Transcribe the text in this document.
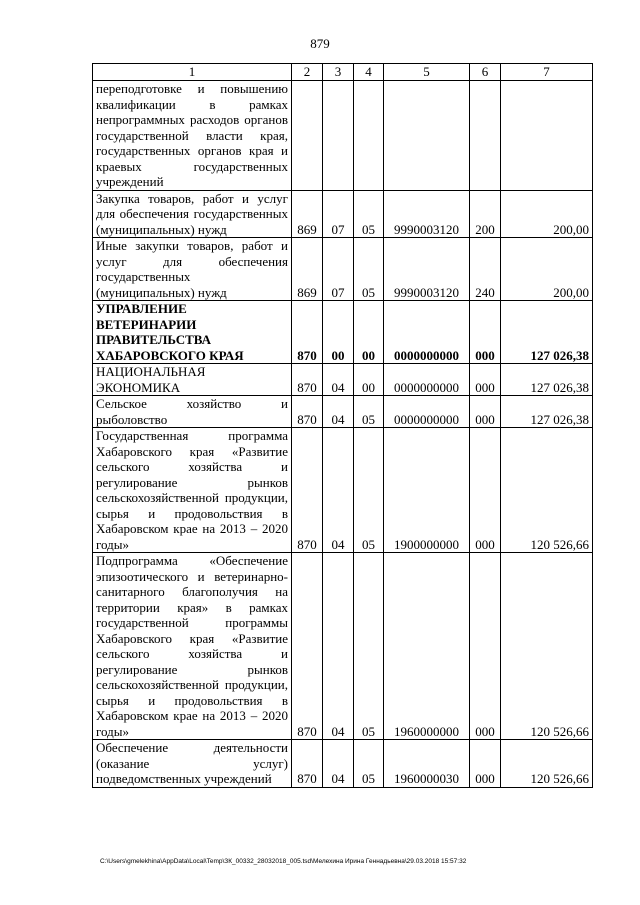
879
1	2	3	4	5	6	7
переподготовке и повышению квалификации в рамках непрограммных расходов органов государственной власти края, государственных органов края и краевых государственных учреждений						
Закупка товаров, работ и услуг для обеспечения государственных (муниципальных) нужд	869	07	05	9990003120	200	200,00
Иные закупки товаров, работ и услуг для обеспечения государственных (муниципальных) нужд	869	07	05	9990003120	240	200,00
УПРАВЛЕНИЕ ВЕТЕРИНАРИИ ПРАВИТЕЛЬСТВА ХАБАРОВСКОГО КРАЯ	870	00	00	0000000000	000	127 026,38
НАЦИОНАЛЬНАЯ ЭКОНОМИКА	870	04	00	0000000000	000	127 026,38
Сельское хозяйство и рыболовство	870	04	05	0000000000	000	127 026,38
Государственная программа Хабаровского края «Развитие сельского хозяйства и регулирование рынков сельскохозяйственной продукции, сырья и продовольствия в Хабаровском крае на 2013 – 2020 годы»	870	04	05	1900000000	000	120 526,66
Подпрограмма «Обеспечение эпизоотического и ветеринарно-санитарного благополучия на территории края» в рамках государственной программы Хабаровского края «Развитие сельского хозяйства и регулирование рынков сельскохозяйственной продукции, сырья и продовольствия в Хабаровском крае на 2013 – 2020 годы»	870	04	05	1960000000	000	120 526,66
Обеспечение деятельности (оказание услуг) подведомственных учреждений	870	04	05	1960000030	000	120 526,66
C:\Users\gmelekhina\AppData\Local\Temp\ЗК_00332_28032018_005.tsd\Мелехина Ирина Геннадьевна\29.03.2018 15:57:32
